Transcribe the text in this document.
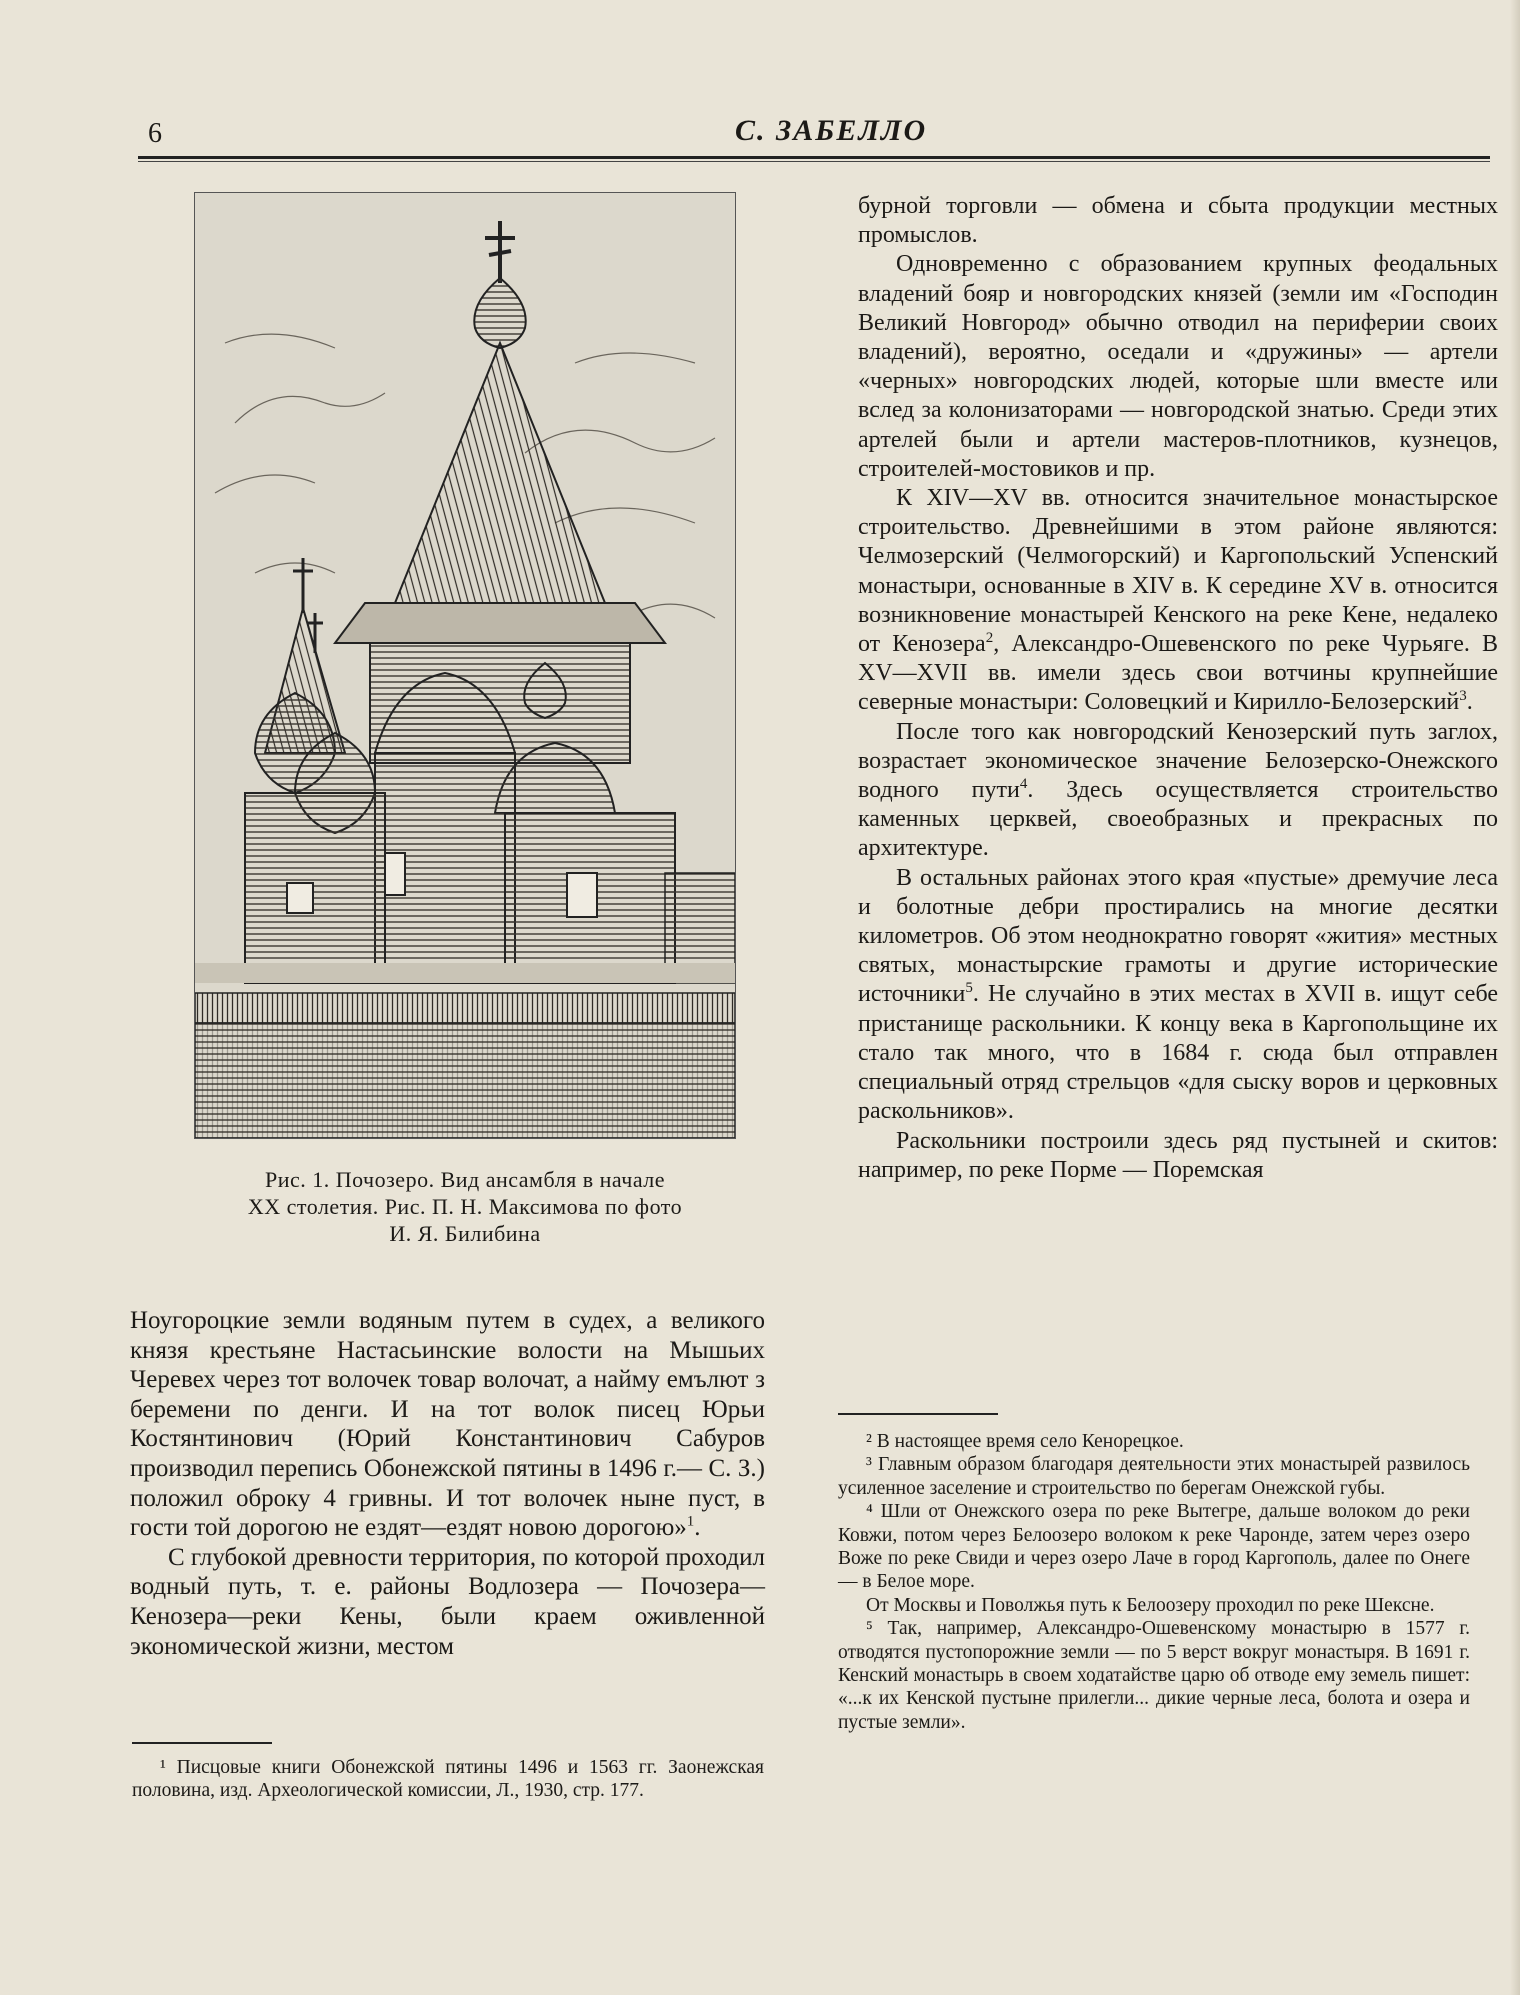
6	С. ЗАБЕЛЛО
Рис. 1. Почозеро. Вид ансамбля в начале
XX столетия. Рис. П. Н. Максимова по фото
И. Я. Билибина

бурной торговли — обмена и сбыта продукции местных промыслов.

Одновременно с образованием крупных феодальных владений бояр и новгородских князей (земли им «Господин Великий Новгород» обычно отводил на периферии своих владений), вероятно, оседали и «дружины» — артели «черных» новгородских людей, которые шли вместе или вслед за колонизаторами — новгородской знатью. Среди этих артелей были и артели мастеров-плотников, кузнецов, строителей-мостовиков и пр.

К XIV—XV вв. относится значительное монастырское строительство. Древнейшими в этом районе являются: Челмозерский (Челмогорский) и Каргопольский Успенский монастыри, основанные в XIV в. К середине XV в. относится возникновение монастырей Кенского на реке Кене, недалеко от Кенозера$^2$, Александро-Ошевенского по реке Чурьяге. В XV—XVII вв. имели здесь свои вотчины крупнейшие северные монастыри: Соловецкий и Кирилло-Белозерский$^3$.

После того как новгородский Кенозерский путь заглох, возрастает экономическое значение Белозерско-Онежского водного пути$^4$. Здесь осуществляется строительство каменных церквей, своеобразных и прекрасных по архитектуре.

В остальных районах этого края «пустые» дремучие леса и болотные дебри простирались на многие десятки километров. Об этом неоднократно говорят «жития» местных святых, монастырские грамоты и другие исторические источники$^5$. Не случайно в этих местах в XVII в. ищут себе пристанище раскольники. К концу века в Каргопольщине их стало так много, что в 1684 г. сюда был отправлен специальный отряд стрельцов «для сыску воров и церковных раскольников».

Раскольники построили здесь ряд пустыней и скитов: например, по реке Порме — Поремская

Ноугороцкие земли водяным путем в судех, а великого князя крестьяне Настасьинские волости на Мышьих Черевех через тот волочек товар волочат, а найму емълют з беремени по денги. И на тот волок писец Юрьи Костянтинович (Юрий Константинович Сабуров производил перепись Обонежской пятины в 1496 г.— С. З.) положил оброку 4 гривны. И тот волочек ныне пуст, в гости той дорогою не ездят—ездят новою дорогою»$^1$.

С глубокой древности территория, по которой проходил водный путь, т. е. районы Водлозера — Почозера—Кенозера—реки Кены, были краем оживленной экономической жизни, местом

¹ Писцовые книги Обонежской пятины 1496 и 1563 гг. Заонежская половина, изд. Археологической комиссии, Л., 1930, стр. 177.

² В настоящее время село Кенорецкое.

³ Главным образом благодаря деятельности этих монастырей развилось усиленное заселение и строительство по берегам Онежской губы.

⁴ Шли от Онежского озера по реке Вытегре, дальше волоком до реки Ковжи, потом через Белоозеро волоком к реке Чаронде, затем через озеро Воже по реке Свиди и через озеро Лаче в город Каргополь, далее по Онеге — в Белое море.

От Москвы и Поволжья путь к Белоозеру проходил по реке Шексне.

⁵ Так, например, Александро-Ошевенскому монастырю в 1577 г. отводятся пустопорожние земли — по 5 верст вокруг монастыря. В 1691 г. Кенский монастырь в своем ходатайстве царю об отводе ему земель пишет: «...к их Кенской пустыне прилегли... дикие черные леса, болота и озера и пустые земли».
